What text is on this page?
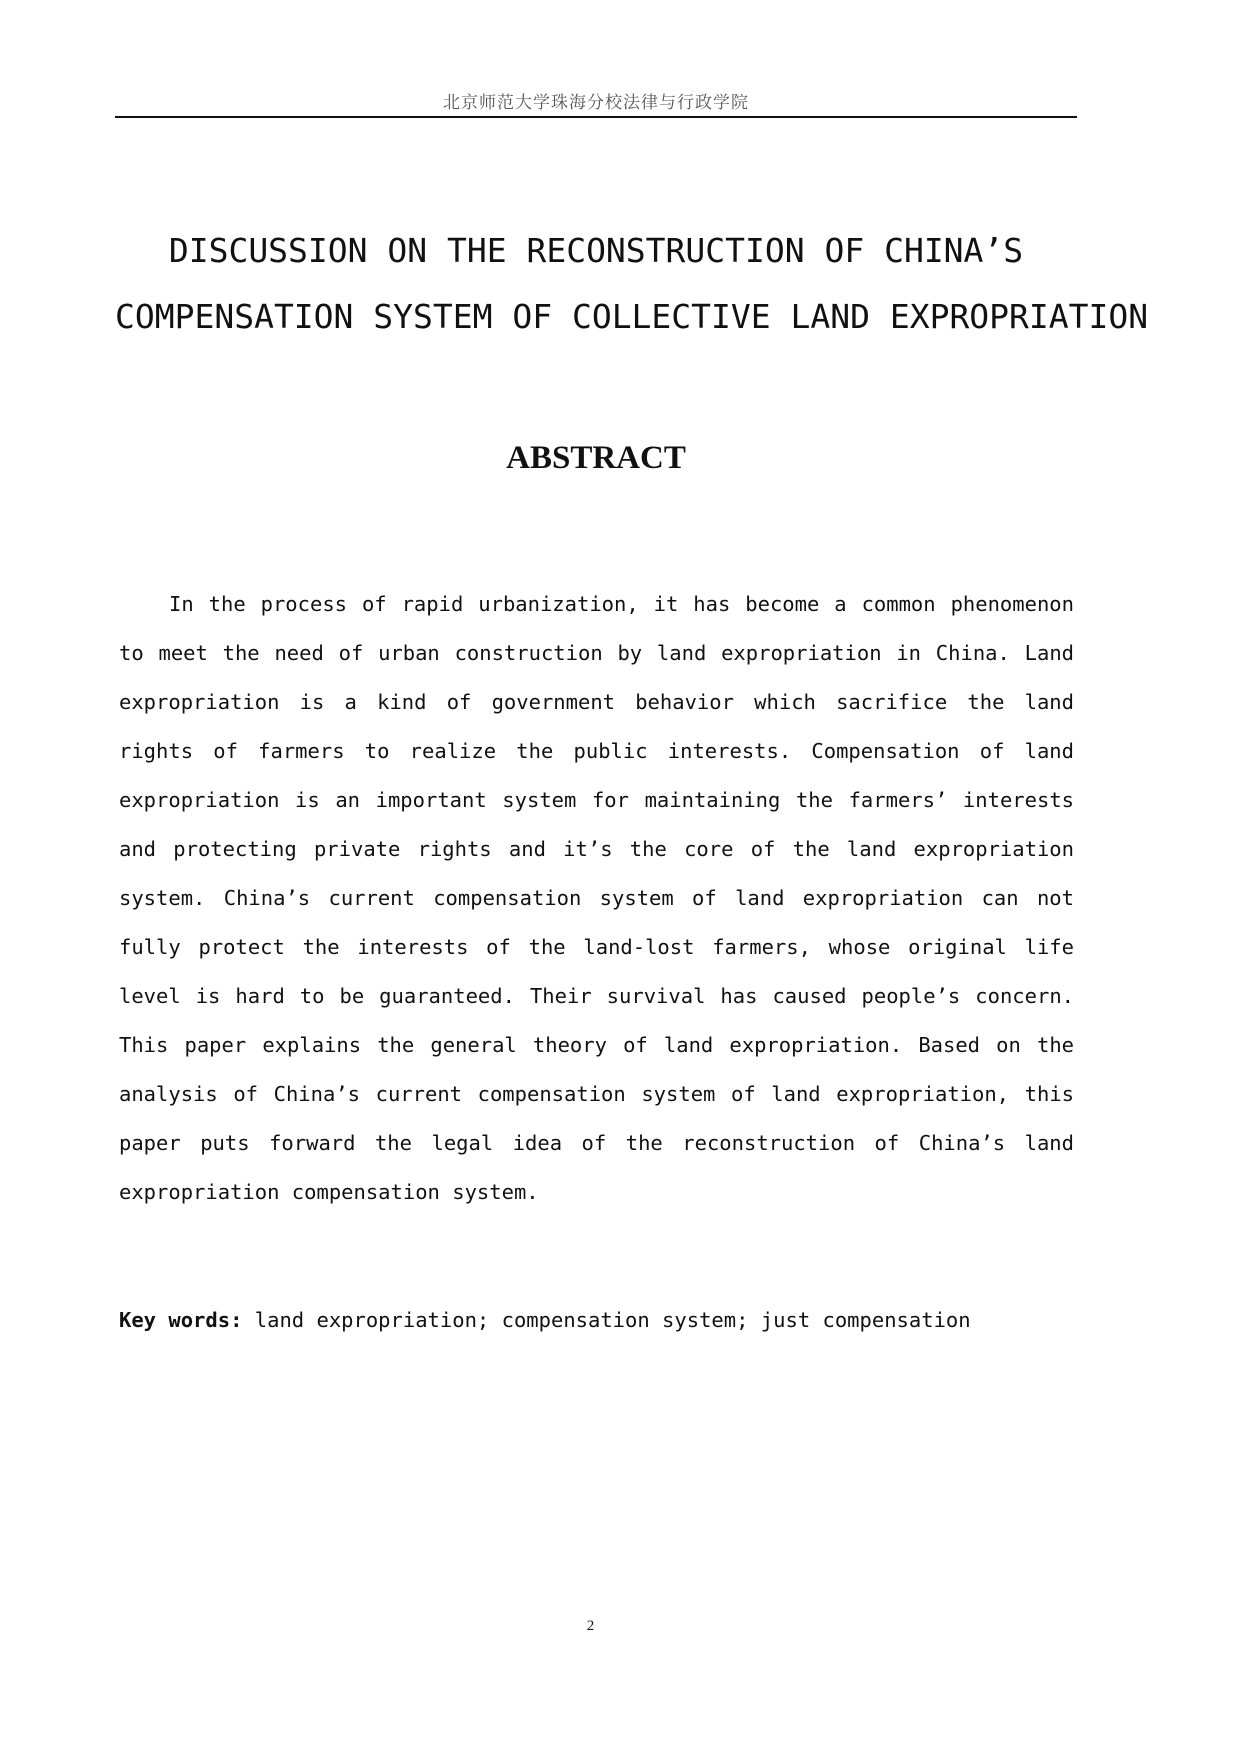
北京师范大学珠海分校法律与行政学院
DISCUSSION ON THE RECONSTRUCTION OF CHINA’S
COMPENSATION SYSTEM OF COLLECTIVE LAND EXPROPRIATION
ABSTRACT

In the process of rapid urbanization, it has become a common phenomenon to meet the need of urban construction by land expropriation in China. Land expropriation is a kind of government behavior which sacrifice the land rights of farmers to realize the public interests. Compensation of land expropriation is an important system for maintaining the farmers’ interests and protecting private rights and it’s the core of the land expropriation system. China’s current compensation system of land expropriation can not fully protect the interests of the land-lost farmers, whose original life level is hard to be guaranteed. Their survival has caused people’s concern. This paper explains the general theory of land expropriation. Based on the analysis of China’s current compensation system of land expropriation, this paper puts forward the legal idea of the reconstruction of China’s land expropriation compensation system.

Key words: land expropriation; compensation system; just compensation

2
